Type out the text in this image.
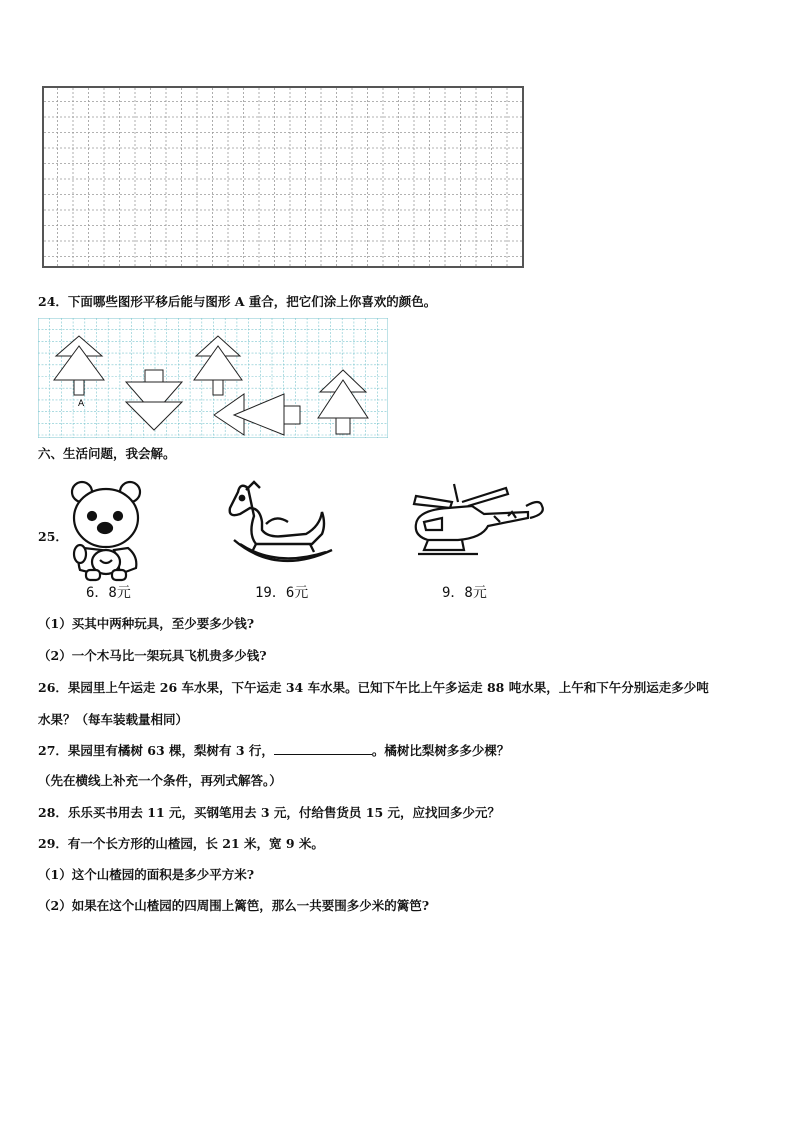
24．下面哪些图形平移后能与图形 A 重合，把它们涂上你喜欢的颜色。
A
六、生活问题，我会解。
25．
6．8元	19．6元	9．8元
（1）买其中两种玩具，至少要多少钱?
（2）一个木马比一架玩具飞机贵多少钱?
26．果园里上午运走 26 车水果，下午运走 34 车水果。已知下午比上午多运走 88 吨水果，上午和下午分别运走多少吨
水果？（每车装载量相同）
27．果园里有橘树 63 棵，梨树有 3 行，	。橘树比梨树多多少棵？
（先在横线上补充一个条件，再列式解答。）
28．乐乐买书用去 11 元，买钢笔用去 3 元，付给售货员 15 元，应找回多少元？
29．有一个长方形的山楂园，长 21 米，宽 9 米。
（1）这个山楂园的面积是多少平方米?
（2）如果在这个山楂园的四周围上篱笆，那么一共要围多少米的篱笆?
